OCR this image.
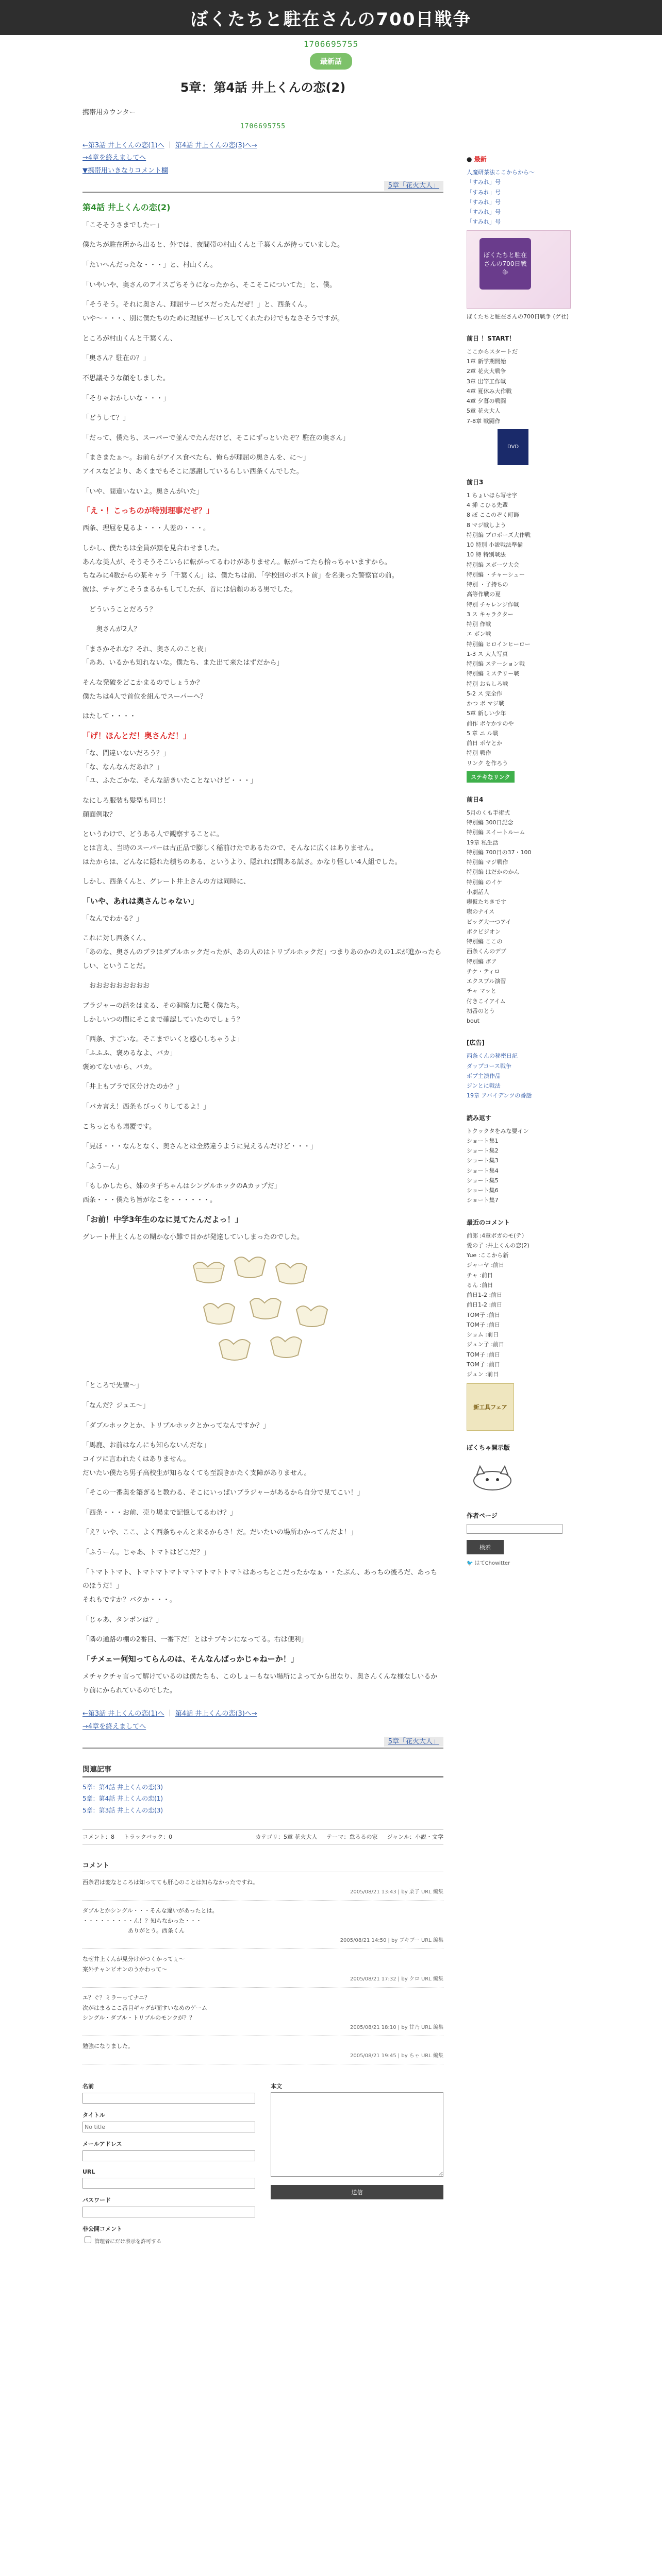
ぼくたちと駐在さんの700日戦争
1706695755
最新話
5章：第4話 井上くんの恋(2)
携帯用カウンター
1706695755
←第3話 井上くんの恋(1)へ ｜ 第4話 井上くんの恋(3)へ→
→4章を終えましてへ
▼携帯用いきなりコメント欄
5章「花火大人」
第4話 井上くんの恋(2)

「こそそうさまでしたー」

僕たちが駐在所から出ると、外では、夜間帯の村山くんと千葉くんが待っていました。

「たいへんだったな・・・」と、村山くん。

「いやいや、奥さんのアイスごちそうになったから、そこそこについてた」と、僕。

「そうそう。それに奥さん、理屈サービスだったんだぜ！」と、西条くん。
いや〜・・・、別に僕たちのために理屈サービスしてくれたわけでもなさそうですが。

ところが村山くんと千葉くん、

「奥さん？駐在の？」

不思議そうな顔をしました。

「そりゃおかしいな・・・」

「どうして？」

「だって、僕たち、スーパーで並んでたんだけど、そこにずっといたぞ？駐在の奥さん」

「まさまたぁ〜。お前らがアイス食べたら、俺らが理屈の奥さんを、に〜」
アイスなどより、あくまでもそこに感謝しているらしい西条くんでした。

「いや、間違いないよ。奥さんがいた」

「え・！こっちのが特別理事だぜ？」

西条、理屈を見るよ・・・人差の・・・。

しかし、僕たちは全員が顔を見合わせました。
あんな美人が、そうそうそこいらに転がってるわけがありません。転がってたら拾っちゃいますから。
ちなみに4数からの某キャラ「千葉くん」は、僕たちは前、「学校回のポスト前」を名乗った警察官の前。
彼は、チャグこそうまるかもしてしたが、首には信頼のある男でした。

　どういうことだろう？

　　奥さんが2人？

「まさかそれな？それ、奥さんのこと夜」
「ああ、いるかも知れないな。僕たち、また出て来たはずだから」

そんな発破をどこかまるのでしょうか？
僕たちは4人で首位を組んでスーパーへ？

はたして・・・・

「げ！ほんとだ！奥さんだ！」

「な、間違いないだろう？」
「な、なんなんだあれ？」
「ユ、ふたごかな、そんな話きいたことないけど・・・」

なにしろ服装も髪型も同じ！
顔面例取？

というわけで、どうある人で観察することに。
とは言え、当時のスーパーは古正品で膨しく稲前けたであるたので、そんなに広くはありません。
はたからは、どんなに隠れた積ちのある、というより、隠れれば間ある試さ。かなり怪しい4人組でした。

しかし、西条くんと、グレート井上さんの方は同時に、

「いや、あれは奥さんじゃない」

「なんでわかる？」

これに対し西条くん、
「あのな、奥さんのブラはダブルホックだったが、あの人のはトリプルホックだ」つまりあのかのえの1ぶが進かったらしい、ということだ。

　おおおおおおおおお

ブラジャーの話をはまる、その洞察力に驚く僕たち。
しかしいつの間にそこまで確認していたのでしょう？

「西条、すごいな。そこまでいくと感心しちゃうよ」
「ふふふ、褒めるなよ、バカ」
褒めてないから、バカ。

「井上もブラで区分けたのか？」

「バカ言え！西条もびっくりしてるよ！」

こちっともも壊覆です。

「見ほ・・・なんとなく、奥さんとは全然違うように見えるんだけど・・・」

「ふうーん」

「もしかしたら、妹のタ子ちゃんはシングルホックのAカップだ」
西条・・・僕たち旨がなこを・・・・・・。

「お前！中学3年生のなに見てたんだよっ！」

グレート井上くんとの糊かな小難で目かが発達していしまったのでした。

「ところで先輩〜」

「なんだ？ジュエ〜」

「ダブルホックとか、トリプルホックとかってなんですか？」

「馬鹿、お前はなんにも知らないんだな」
コイツに言われたくはありません。
だいたい僕たち男子高校生が知らなくても至誤きかたく支障がありません。

「そこの一番奥を築ぎると教わる、そこにいっぱいブラジャーがあるから自分で見てこい！」

「西条・・・お前、売り場まで記憶してるわけ？」

「え？いや、ここ、よく西条ちゃんと来るからさ！だ。だいたいの場所わかってんだよ！」

「ふうーん。じゃあ、トマトはどこだ？」

「トマトトマト、トマトマトマトマトマトマトトマトはあっちとこだったかなぁ・・たぶん、あっちの後ろだ、あっちのほうだ！」
それもですか？バクか・・・。

「じゃあ、タンポンは？」

「隣の通路の棚の2番目、一番下だ！とはナプキンになってる。右は便利」

「チメェー何知ってらんのは、そんなんばっかじゃねーか！」

メチャクチャ言って解けているのは僕たちも、このしょーもない場所によってから出なり、奥さんくんな様なしいるかり前にかられているのでした。

←第3話 井上くんの恋(1)へ ｜ 第4話 井上くんの恋(3)へ→
→4章を終えましてへ
5章「花火大人」
関連記事
5章：第4話 井上くんの恋(3)
5章：第4話 井上くんの恋(1)
5章：第3話 井上くんの恋(3)
コメント：8 トラックバック：0	カテゴリ：5章 花火大人 テーマ：怠るるの家 ジャンル：小説・文学
コメント
西条君は変なところは知ってても肝心のことは知らなかったですね。
2005/08/21 13:43 | by 栗子 URL 編集
ダブルとかシングル・・・そんな違いがあったとは。
・・・・・・・・・ん！？知らなかった・・・
　　　　　　　　ありがとう。西条くん
2005/08/21 14:50 | by ブキブー URL 編集
なぜ井上くんが見分けがつくかってぇ〜
案外チャンピオンのうかわって〜
2005/08/21 17:32 | by クロ URL 編集
エ？ぐ？ミラーってナニ？
次がはまるここ番目ギャグが面すいなめのゲーム
シングル・ダブル・トリプルのモンクが？？
2005/08/21 18:10 | by 甘乃 URL 編集
勉強になりました。
2005/08/21 19:45 | by ちゃ URL 編集
名前
タイトル
No title
メールアドレス
URL
パスワード
非公開コメント
管理者にだけ表示を許可する
本文
送信
● 最新
人魔研茶法ここからから〜
「すみれ」号
「すみれ」号
「すみれ」号
「すみれ」号
「すみれ」号
ぼくたちと駐在さんの700日戦争
ぼくたちと駐在さんの700日戦争 (ゲ社)
前日 ！START！
ここからスタートだ
1章 新学期開始
2章 花火大戦争
3章 出竿工作戦
4章 夏休み大作戦
4章 夕暮の戦闘
5章 花火大人
7-8章 戦闘作
DVD
前日3
1 ちょいほら写せ字
4 挿 こひる先輩
8 ぼ ここのぞく町飾
8 マジ戦しよう
特別編 プロポーズ大作戦
10 特別 小説戦法準備
10 特 特別戦法
特別編 スポーツ大会
特別編 ・チャーシュー
特別 ・子持ちの
高等作戦の夏
特別 チャレンジ作戦
3 ス キャラクター
特別 作戦
エ ポン戦
特別編 ヒロインヒーロー
1-3 ス 大人写真
特別編 ステーション戦
特別編 ミステリー戦
特別 おもしろ戦
5-2 ス 完全作
かつ ボ マジ戦
5章 新しい少年
前作 ボヤかすのや
5 章 ニ ル戦
前日 ポヤとか
特別 戦作
リンク を作ろう
ステキなリンク
前日4
5月のくも手術式
特別編 300日記念
特別編 スイートルーム
19章 私生活
特別編 700日の37・100
特別編 マジ戦作
特別編 はだかのかん
特別編 のイケ
小劇話人
喫仮たちきです
喫のナイス
ビッグ大一つアイ
ボクビジオン
特別編 ここの
西条くんのデブ
特別編 ボア
チケ・ティロ
エクスプル演習
チャ マッと
付きこイアイム
初番のとう
bout
[広告]
西条くんの秘密日記
ダップコース戦争
ボプ主演作品
ジンとに戦法
19章 アバイデンツの番話
読み返す
トクックタをみな要イン
ショート集1
ショート集2
ショート集3
ショート集4
ショート集5
ショート集6
ショート集7
最近のコメント
前郎 :4章ボガのモ(テ）
愛の子 :井上くんの恋(2)
Yue :ここから新
ジャーヤ :前日
チャ :前日
るん :前日
前日1-2 :前日
前日1-2 :前日
TOM子 :前日
TOM子 :前日
ショム :前日
ジュン子 :前日
TOM子 :前日
TOM子 :前日
ジュン :前日
新工具フェア
ぼくちゃ開示版
作者ページ
検索
🐦 はてChowitter
